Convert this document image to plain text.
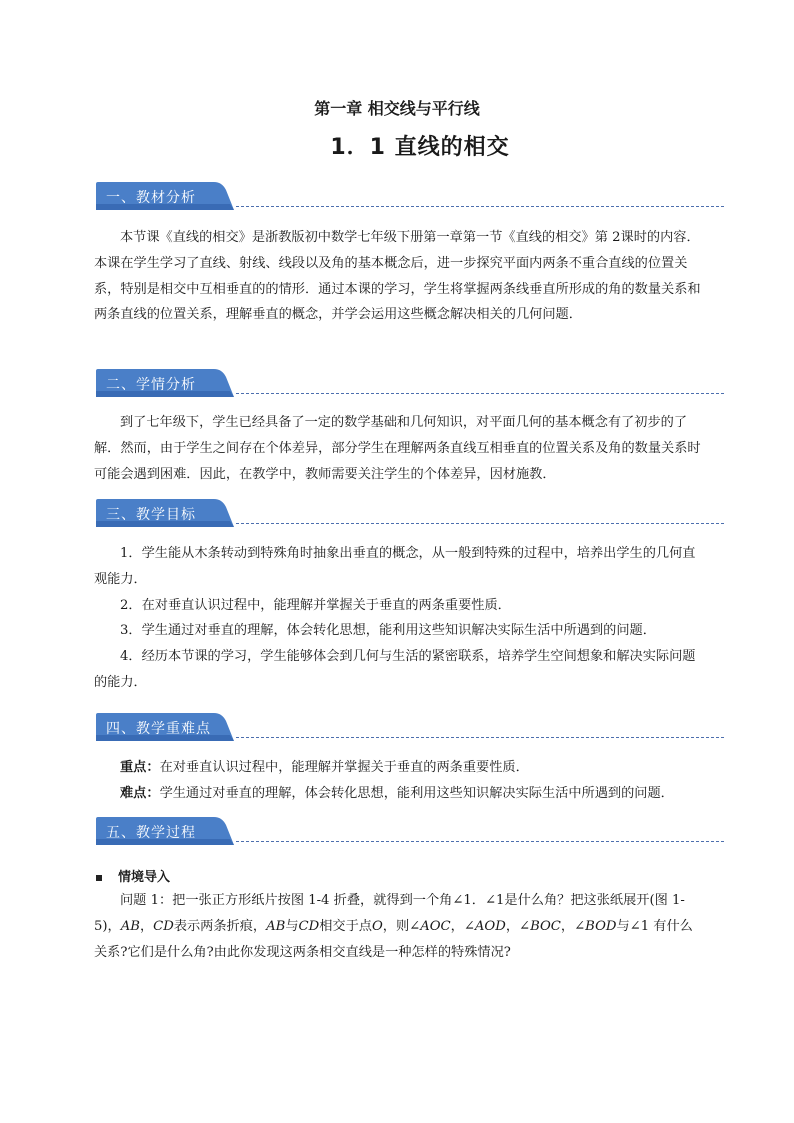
第一章 相交线与平行线
1．1 直线的相交
一、教材分析

本节课《直线的相交》是浙教版初中数学七年级下册第一章第一节《直线的相交》第 2课时的内容．本课在学生学习了直线、射线、线段以及角的基本概念后，进一步探究平面内两条不重合直线的位置关系，特别是相交中互相垂直的的情形．通过本课的学习，学生将掌握两条线垂直所形成的角的数量关系和两条直线的位置关系，理解垂直的概念，并学会运用这些概念解决相关的几何问题．

二、学情分析

到了七年级下，学生已经具备了一定的数学基础和几何知识，对平面几何的基本概念有了初步的了解．然而，由于学生之间存在个体差异，部分学生在理解两条直线互相垂直的位置关系及角的数量关系时可能会遇到困难．因此，在教学中，教师需要关注学生的个体差异，因材施教．

三、教学目标

1．学生能从木条转动到特殊角时抽象出垂直的概念，从一般到特殊的过程中，培养出学生的几何直观能力．

2．在对垂直认识过程中，能理解并掌握关于垂直的两条重要性质．

3．学生通过对垂直的理解，体会转化思想，能利用这些知识解决实际生活中所遇到的问题．

4．经历本节课的学习，学生能够体会到几何与生活的紧密联系，培养学生空间想象和解决实际问题的能力．

四、教学重难点

重点：在对垂直认识过程中，能理解并掌握关于垂直的两条重要性质．

难点：学生通过对垂直的理解，体会转化思想，能利用这些知识解决实际生活中所遇到的问题．

五、教学过程
情境导入

问题 1：把一张正方形纸片按图 1-4 折叠，就得到一个角∠1．∠1是什么角？把这张纸展开(图 1-5)，AB，CD表示两条折痕，AB与CD相交于点O，则∠AOC，∠AOD，∠BOC，∠BOD与∠1 有什么关系?它们是什么角?由此你发现这两条相交直线是一种怎样的特殊情况?
